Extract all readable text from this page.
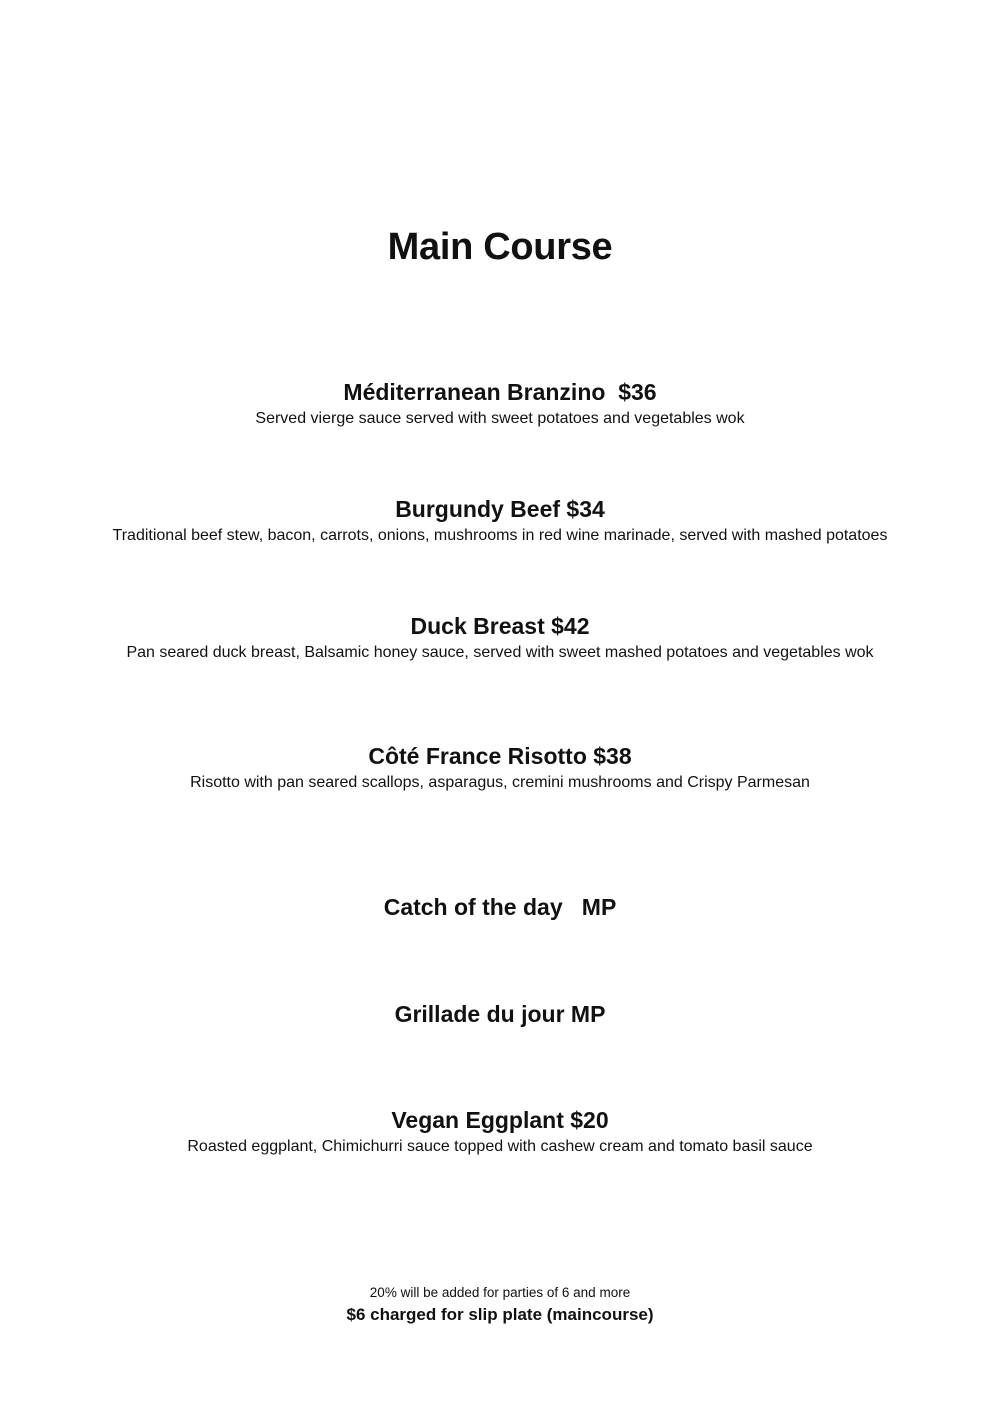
Main Course
Méditerranean Branzino  $36
Served vierge sauce served with sweet potatoes and vegetables wok
Burgundy Beef $34
Traditional beef stew, bacon, carrots, onions, mushrooms in red wine marinade, served with mashed potatoes
Duck Breast $42
Pan seared duck breast, Balsamic honey sauce, served with sweet mashed potatoes and vegetables wok
Côté France Risotto $38
Risotto with pan seared scallops, asparagus, cremini mushrooms and Crispy Parmesan
Catch of the day   MP
Grillade du jour MP
Vegan Eggplant $20
Roasted eggplant, Chimichurri sauce topped with cashew cream and tomato basil sauce
20% will be added for parties of 6 and more
$6 charged for slip plate (maincourse)
